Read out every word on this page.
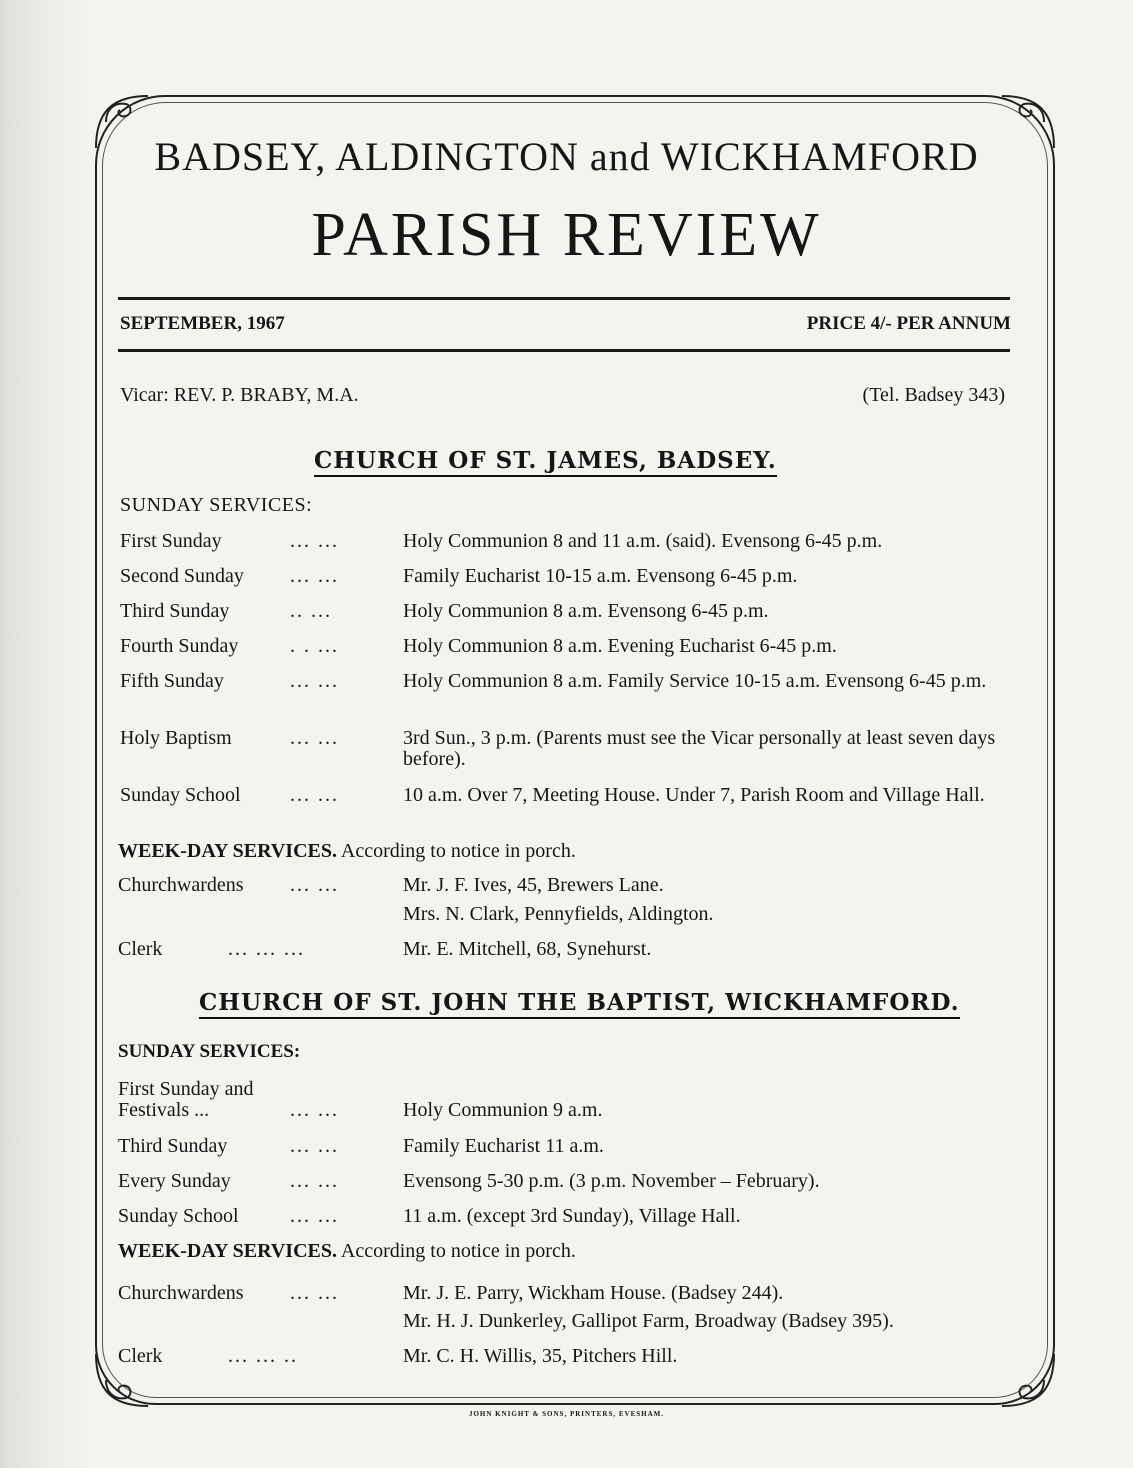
BADSEY, ALDINGTON and WICKHAMFORD
PARISH REVIEW
SEPTEMBER, 1967	PRICE 4/- PER ANNUM
Vicar: REV. P. BRABY, M.A.	(Tel. Badsey 343)
CHURCH OF ST. JAMES, BADSEY.
SUNDAY SERVICES:
First Sunday	... ...	Holy Communion 8 and 11 a.m. (said). Evensong 6-45 p.m.
Second Sunday ... ...	Family Eucharist 10-15 a.m. Evensong 6-45 p.m.
Third Sunday	.. ...	Holy Communion 8 a.m. Evensong 6-45 p.m.
Fourth Sunday	. . ...	Holy Communion 8 a.m. Evening Eucharist 6-45 p.m.
Fifth Sunday	... ...	Holy Communion 8 a.m. Family Service 10-15 a.m. Evensong 6-45 p.m.
Holy Baptism	... ...	3rd Sun., 3 p.m. (Parents must see the Vicar personally at least seven days before).
Sunday School ... ...	10 a.m. Over 7, Meeting House. Under 7, Parish Room and Village Hall.
WEEK-DAY SERVICES. According to notice in porch.
Churchwardens ... ...	Mr. J. F. Ives, 45, Brewers Lane.
Mrs. N. Clark, Pennyfields, Aldington.
Clerk	... ... ...	Mr. E. Mitchell, 68, Synehurst.
CHURCH OF ST. JOHN THE BAPTIST, WICKHAMFORD.
SUNDAY SERVICES:
First Sunday and
Festivals ...	... ...	Holy Communion 9 a.m.
Third Sunday	... ...	Family Eucharist 11 a.m.
Every Sunday	... ...	Evensong 5-30 p.m. (3 p.m. November – February).
Sunday School	... ...	11 a.m. (except 3rd Sunday), Village Hall.
WEEK-DAY SERVICES. According to notice in porch.
Churchwardens ... ...	Mr. J. E. Parry, Wickham House. (Badsey 244).
Mr. H. J. Dunkerley, Gallipot Farm, Broadway (Badsey 395).
Clerk	... ... ..	Mr. C. H. Willis, 35, Pitchers Hill.
JOHN KNIGHT & SONS, PRINTERS, EVESHAM.
